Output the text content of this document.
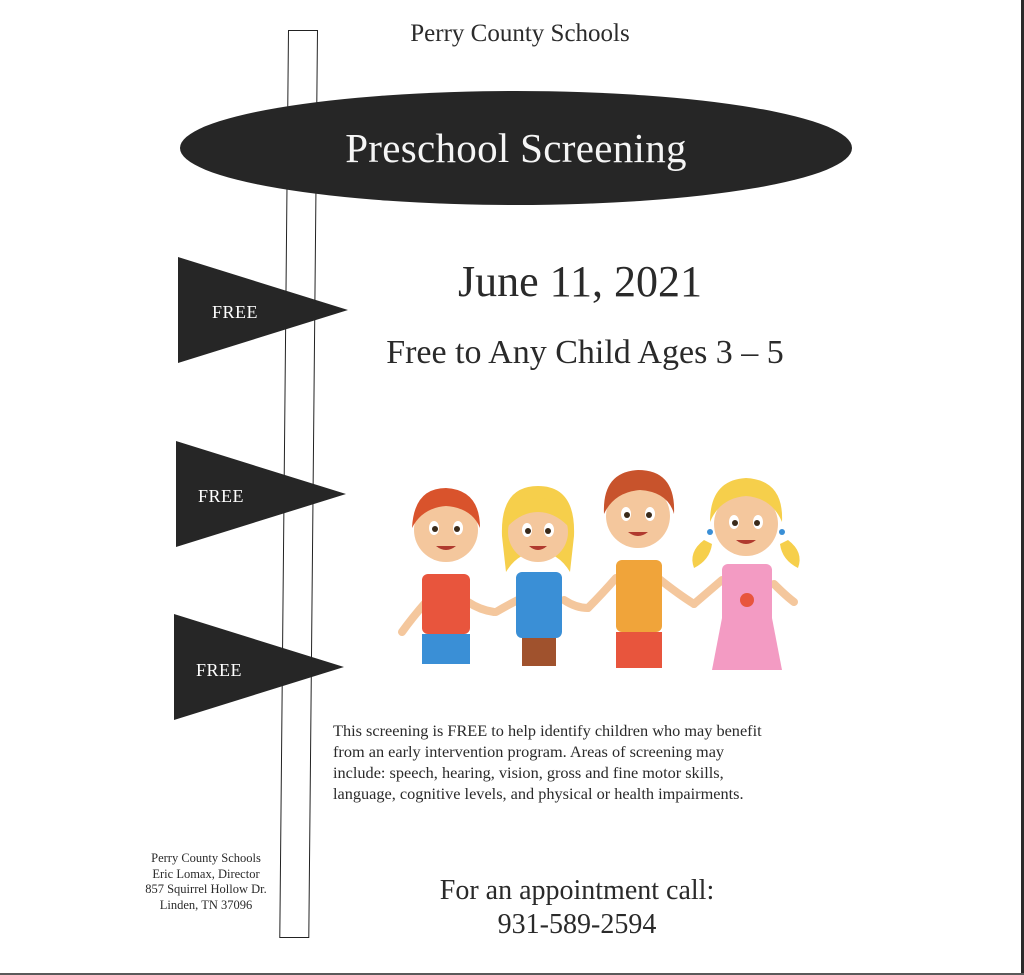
Perry County Schools
Preschool Screening
FREE
FREE
FREE
June 11, 2021
Free to Any Child Ages 3 – 5
This screening is FREE to help identify children who may benefit
from an early intervention program. Areas of screening may
include: speech, hearing, vision, gross and fine motor skills,
language, cognitive levels, and physical or health impairments.
Perry County Schools
Eric Lomax, Director
857 Squirrel Hollow Dr.
Linden, TN 37096	For an appointment call:
931-589-2594
